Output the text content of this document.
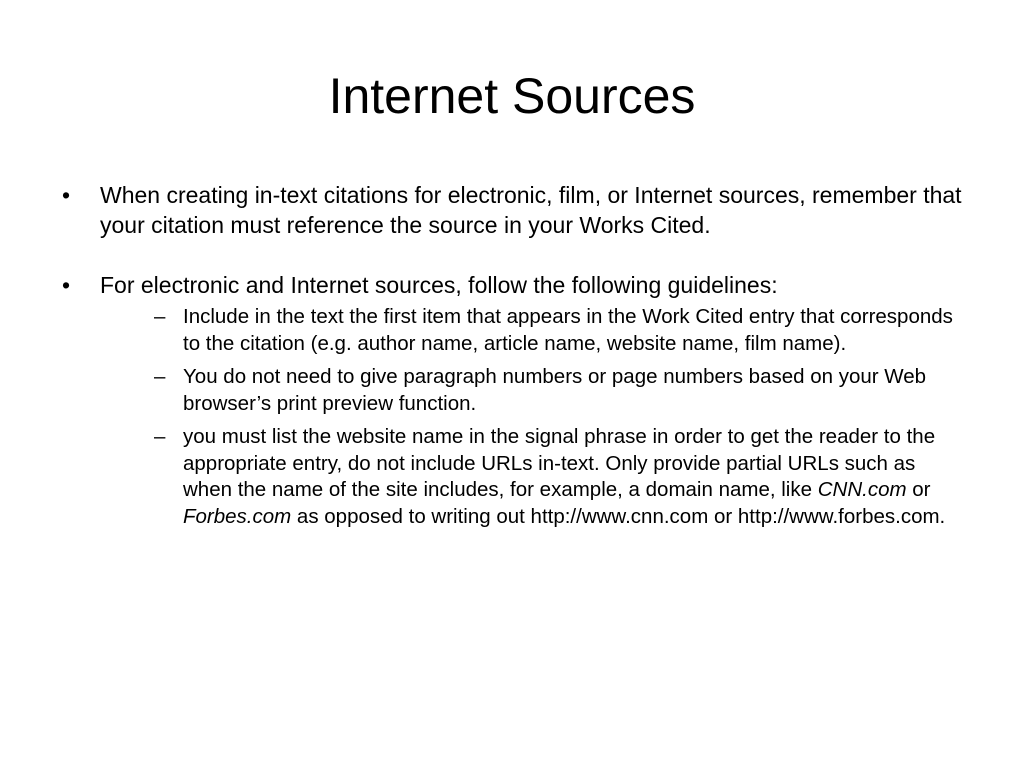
Internet Sources
•	When creating in-text citations for electronic, film, or Internet sources, remember that your citation must reference the source in your Works Cited.
•	For electronic and Internet sources, follow the following guidelines:
– Include in the text the first item that appears in the Work Cited entry that corresponds to the citation (e.g. author name, article name, website name, film name).
– You do not need to give paragraph numbers or page numbers based on your Web browser’s print preview function.
– you must list the website name in the signal phrase in order to get the reader to the appropriate entry, do not include URLs in-text. Only provide partial URLs such as when the name of the site includes, for example, a domain name, like CNN.com or Forbes.com as opposed to writing out http://www.cnn.com or http://www.forbes.com.
